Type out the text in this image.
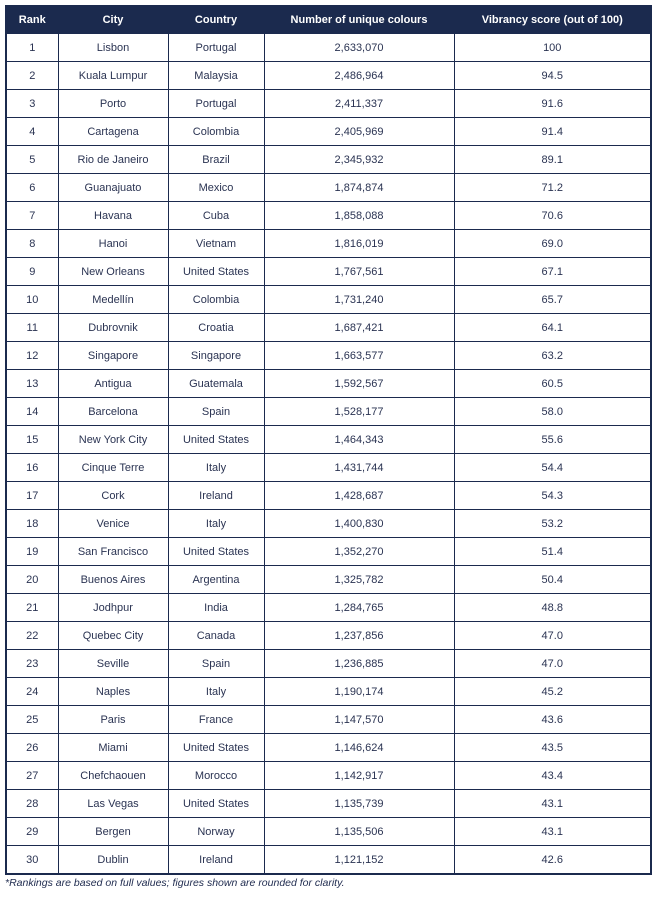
Rank	City	Country	Number of unique colours	Vibrancy score (out of 100)
1	Lisbon	Portugal	2,633,070	100
2	Kuala Lumpur	Malaysia	2,486,964	94.5
3	Porto	Portugal	2,411,337	91.6
4	Cartagena	Colombia	2,405,969	91.4
5	Rio de Janeiro	Brazil	2,345,932	89.1
6	Guanajuato	Mexico	1,874,874	71.2
7	Havana	Cuba	1,858,088	70.6
8	Hanoi	Vietnam	1,816,019	69.0
9	New Orleans	United States	1,767,561	67.1
10	Medellín	Colombia	1,731,240	65.7
11	Dubrovnik	Croatia	1,687,421	64.1
12	Singapore	Singapore	1,663,577	63.2
13	Antigua	Guatemala	1,592,567	60.5
14	Barcelona	Spain	1,528,177	58.0
15	New York City	United States	1,464,343	55.6
16	Cinque Terre	Italy	1,431,744	54.4
17	Cork	Ireland	1,428,687	54.3
18	Venice	Italy	1,400,830	53.2
19	San Francisco	United States	1,352,270	51.4
20	Buenos Aires	Argentina	1,325,782	50.4
21	Jodhpur	India	1,284,765	48.8
22	Quebec City	Canada	1,237,856	47.0
23	Seville	Spain	1,236,885	47.0
24	Naples	Italy	1,190,174	45.2
25	Paris	France	1,147,570	43.6
26	Miami	United States	1,146,624	43.5
27	Chefchaouen	Morocco	1,142,917	43.4
28	Las Vegas	United States	1,135,739	43.1
29	Bergen	Norway	1,135,506	43.1
30	Dublin	Ireland	1,121,152	42.6
*Rankings are based on full values; figures shown are rounded for clarity.
